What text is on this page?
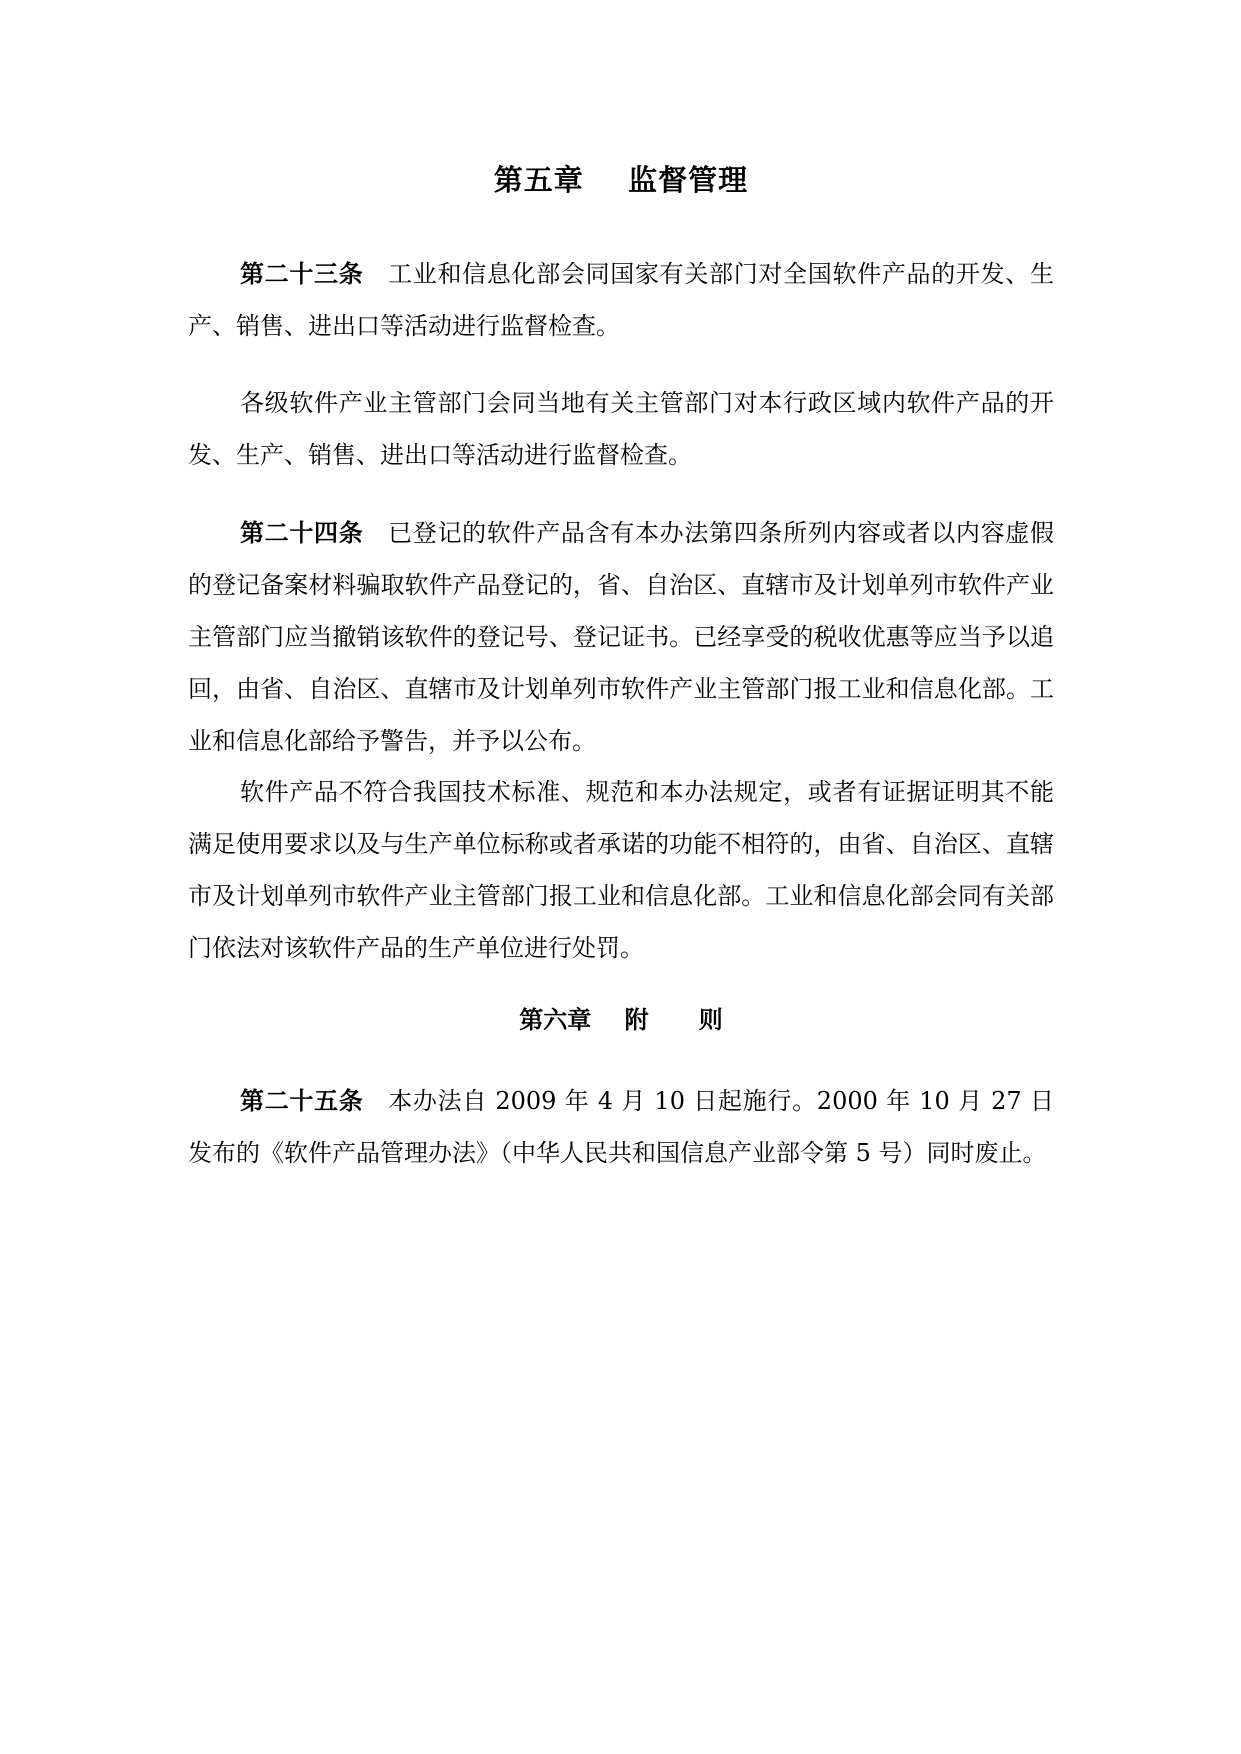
第五章    监督管理

第二十三条 工业和信息化部会同国家有关部门对全国软件产品的开发、生产、销售、进出口等活动进行监督检查。

各级软件产业主管部门会同当地有关主管部门对本行政区域内软件产品的开发、生产、销售、进出口等活动进行监督检查。

第二十四条 已登记的软件产品含有本办法第四条所列内容或者以内容虚假的登记备案材料骗取软件产品登记的，省、自治区、直辖市及计划单列市软件产业主管部门应当撤销该软件的登记号、登记证书。已经享受的税收优惠等应当予以追回，由省、自治区、直辖市及计划单列市软件产业主管部门报工业和信息化部。工业和信息化部给予警告，并予以公布。

软件产品不符合我国技术标准、规范和本办法规定，或者有证据证明其不能满足使用要求以及与生产单位标称或者承诺的功能不相符的，由省、自治区、直辖市及计划单列市软件产业主管部门报工业和信息化部。工业和信息化部会同有关部门依法对该软件产品的生产单位进行处罚。

第六章    附      则

第二十五条 本办法自 2009 年 4 月 10 日起施行。2000 年 10 月 27 日发布的《软件产品管理办法》（中华人民共和国信息产业部令第 5 号）同时废止。
